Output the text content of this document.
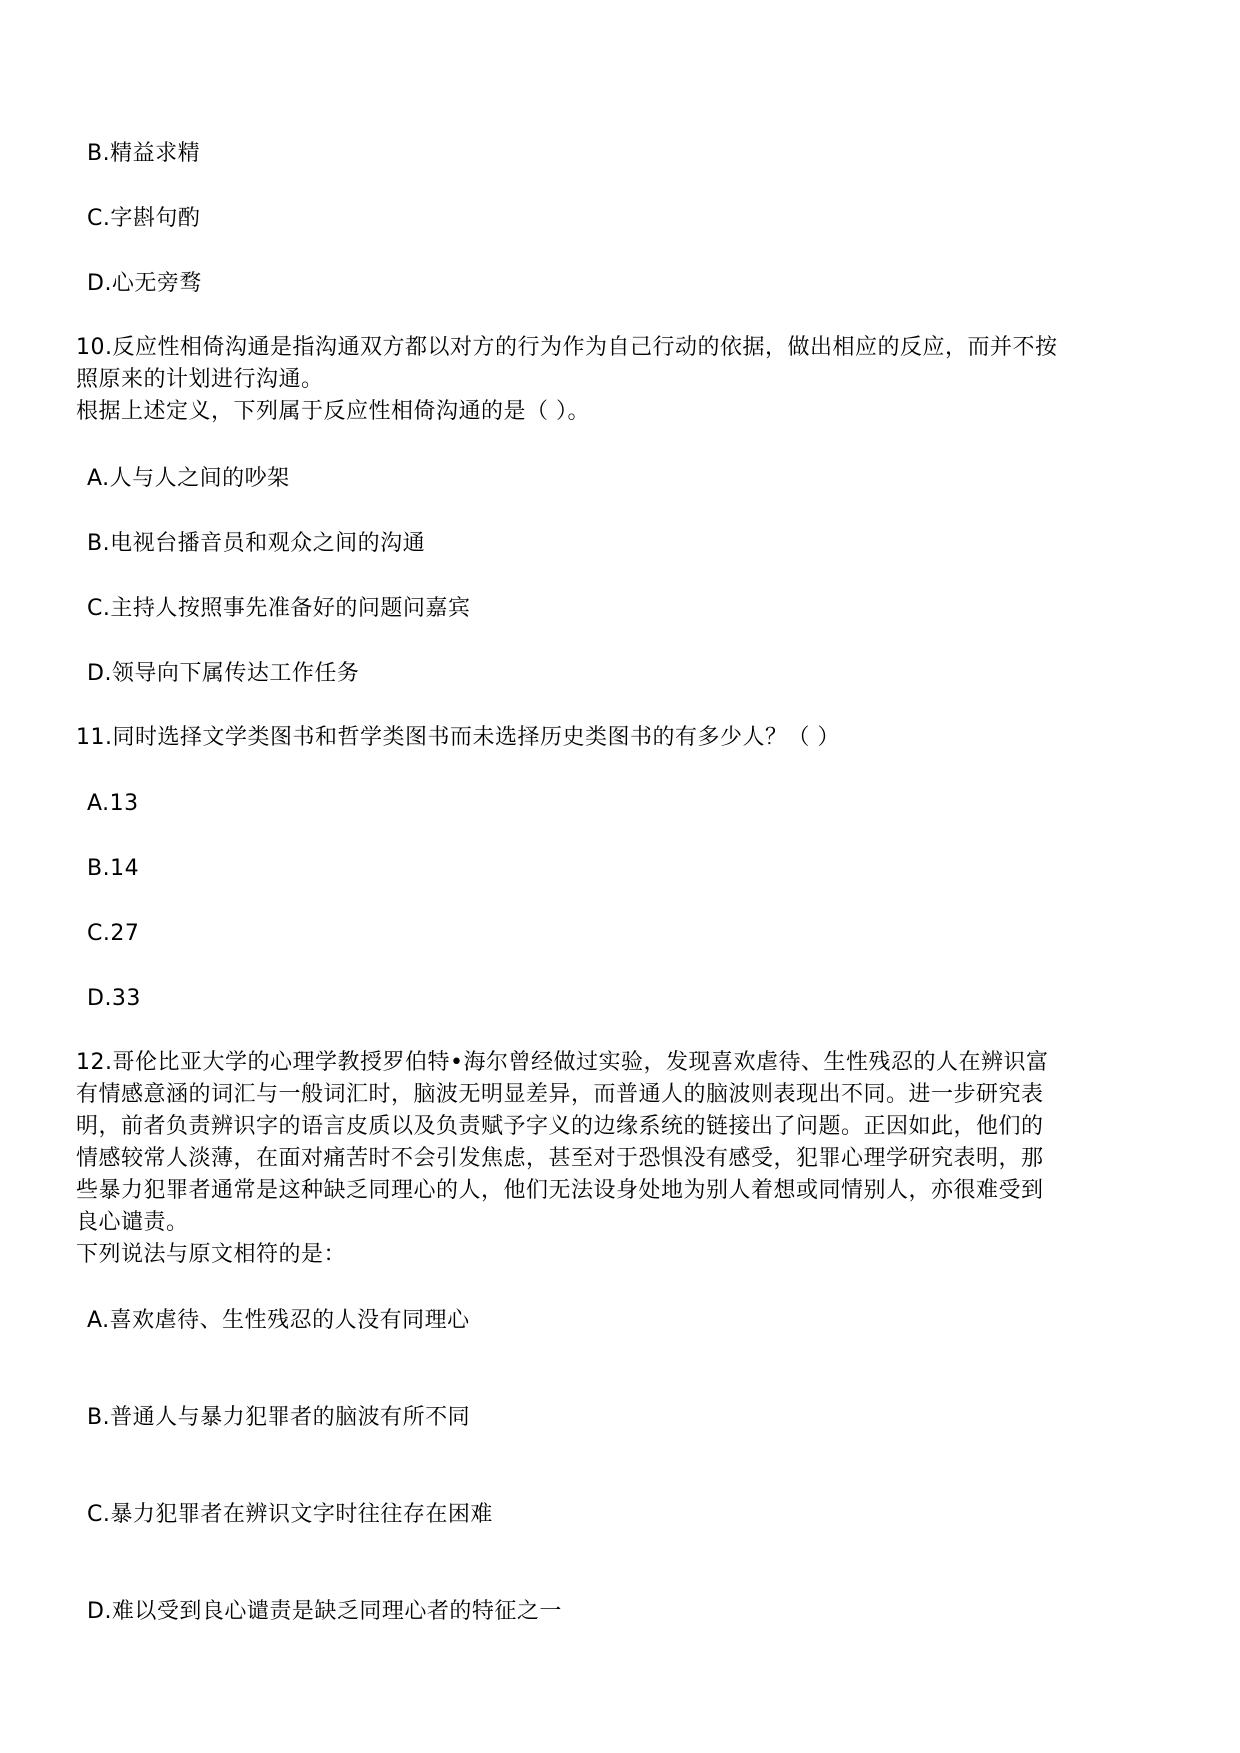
B.精益求精
C.字斟句酌
D.心无旁骛
10.反应性相倚沟通是指沟通双方都以对方的行为作为自己行动的依据，做出相应的反应，而并不按
照原来的计划进行沟通。
根据上述定义，下列属于反应性相倚沟通的是（ ）。
A.人与人之间的吵架
B.电视台播音员和观众之间的沟通
C.主持人按照事先准备好的问题问嘉宾
D.领导向下属传达工作任务
11.同时选择文学类图书和哲学类图书而未选择历史类图书的有多少人？（ ）
A.13
B.14
C.27
D.33
12.哥伦比亚大学的心理学教授罗伯特•海尔曾经做过实验，发现喜欢虐待、生性残忍的人在辨识富
有情感意涵的词汇与一般词汇时，脑波无明显差异，而普通人的脑波则表现出不同。进一步研究表
明，前者负责辨识字的语言皮质以及负责赋予字义的边缘系统的链接出了问题。正因如此，他们的
情感较常人淡薄，在面对痛苦时不会引发焦虑，甚至对于恐惧没有感受，犯罪心理学研究表明，那
些暴力犯罪者通常是这种缺乏同理心的人，他们无法设身处地为别人着想或同情别人，亦很难受到
良心谴责。
下列说法与原文相符的是：
A.喜欢虐待、生性残忍的人没有同理心
B.普通人与暴力犯罪者的脑波有所不同
C.暴力犯罪者在辨识文字时往往存在困难
D.难以受到良心谴责是缺乏同理心者的特征之一
